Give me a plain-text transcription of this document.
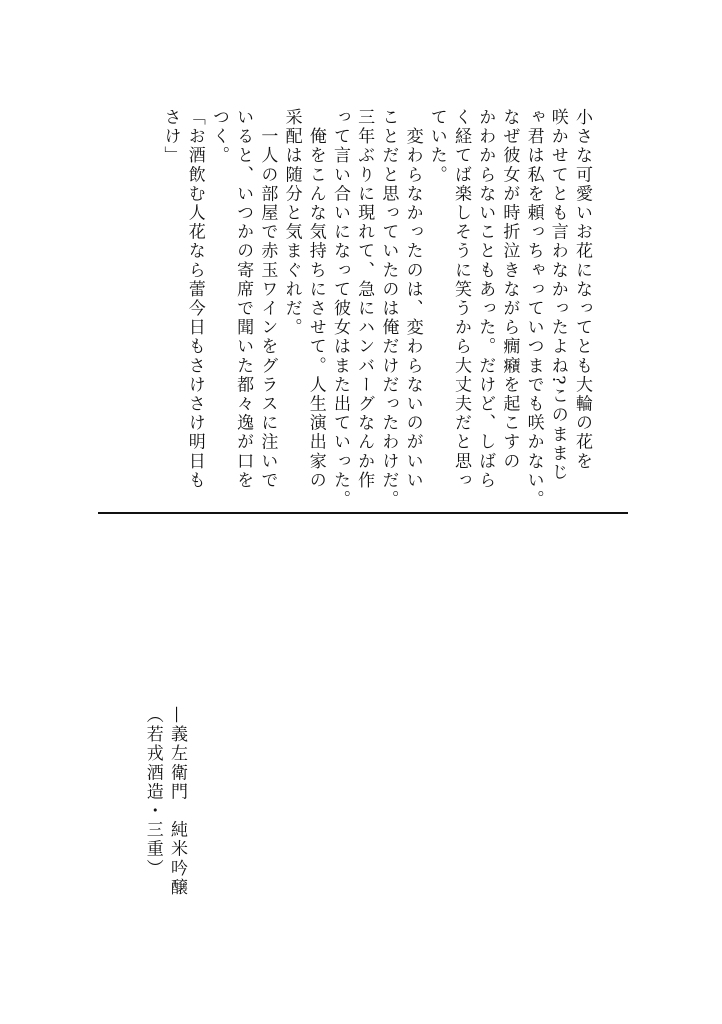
小さな可愛いお花になってとも大輪の花を
咲かせてとも言わなかったよね?このままじ
ゃ君は私を頼っちゃっていつまでも咲かない。
なぜ彼女が時折泣きながら癇癪を起こすの
かわからないこともあった。だけど、しばら
く経てば楽しそうに笑うから大丈夫だと思っ
ていた。
　変わらなかったのは、変わらないのがいい
ことだと思っていたのは俺だけだったわけだ。
三年ぶりに現れて、急にハンバーグなんか作
って言い合いになって彼女はまた出ていった。
　俺をこんな気持ちにさせて。人生演出家の
采配は随分と気まぐれだ。
　一人の部屋で赤玉ワインをグラスに注いで
いると、いつかの寄席で聞いた都々逸が口を
つく。
「お酒飲む人花なら蕾今日もさけさけ明日も
さけ」
—義左衛門　純米吟醸
（若戎酒造・三重）
